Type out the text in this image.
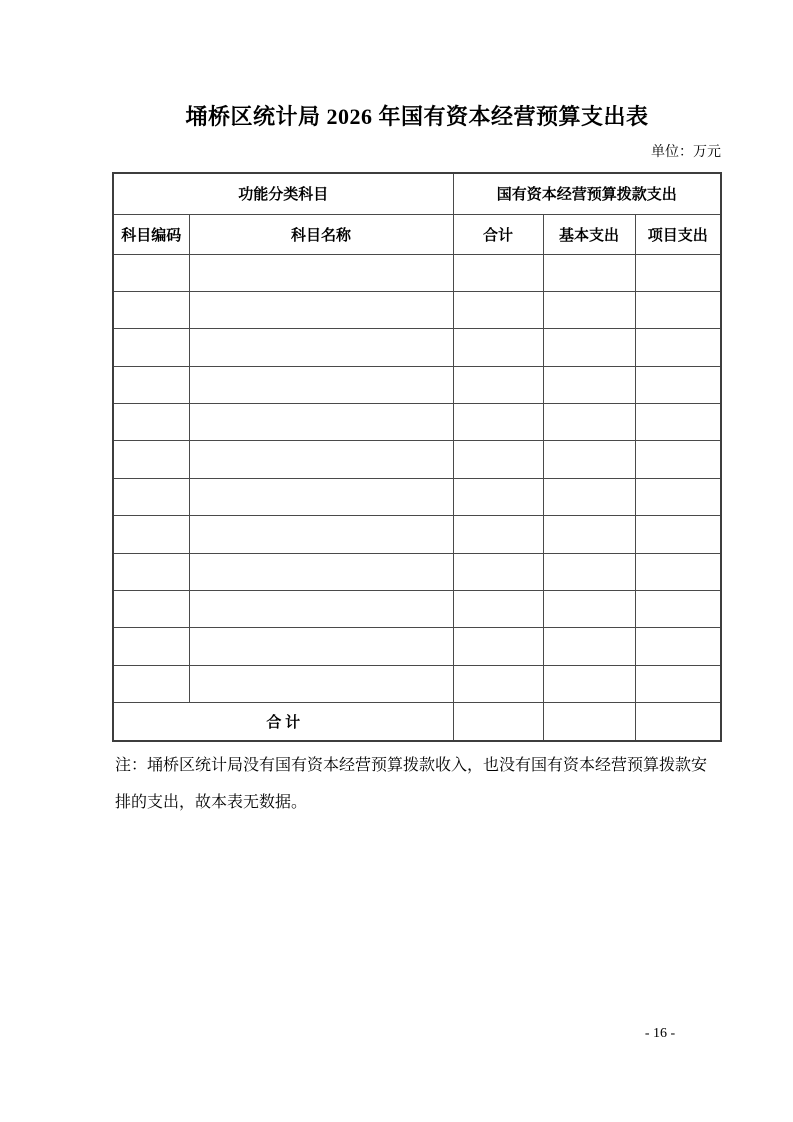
埇桥区统计局 2026 年国有资本经营预算支出表
单位：万元
功能分类科目		国有资本经营预算拨款支出		
科目编码	科目名称	合计	基本支出	项目支出

合 计				
注：埇桥区统计局没有国有资本经营预算拨款收入，也没有国有资本经营预算拨款安
排的支出，故本表无数据。
- 16 -
